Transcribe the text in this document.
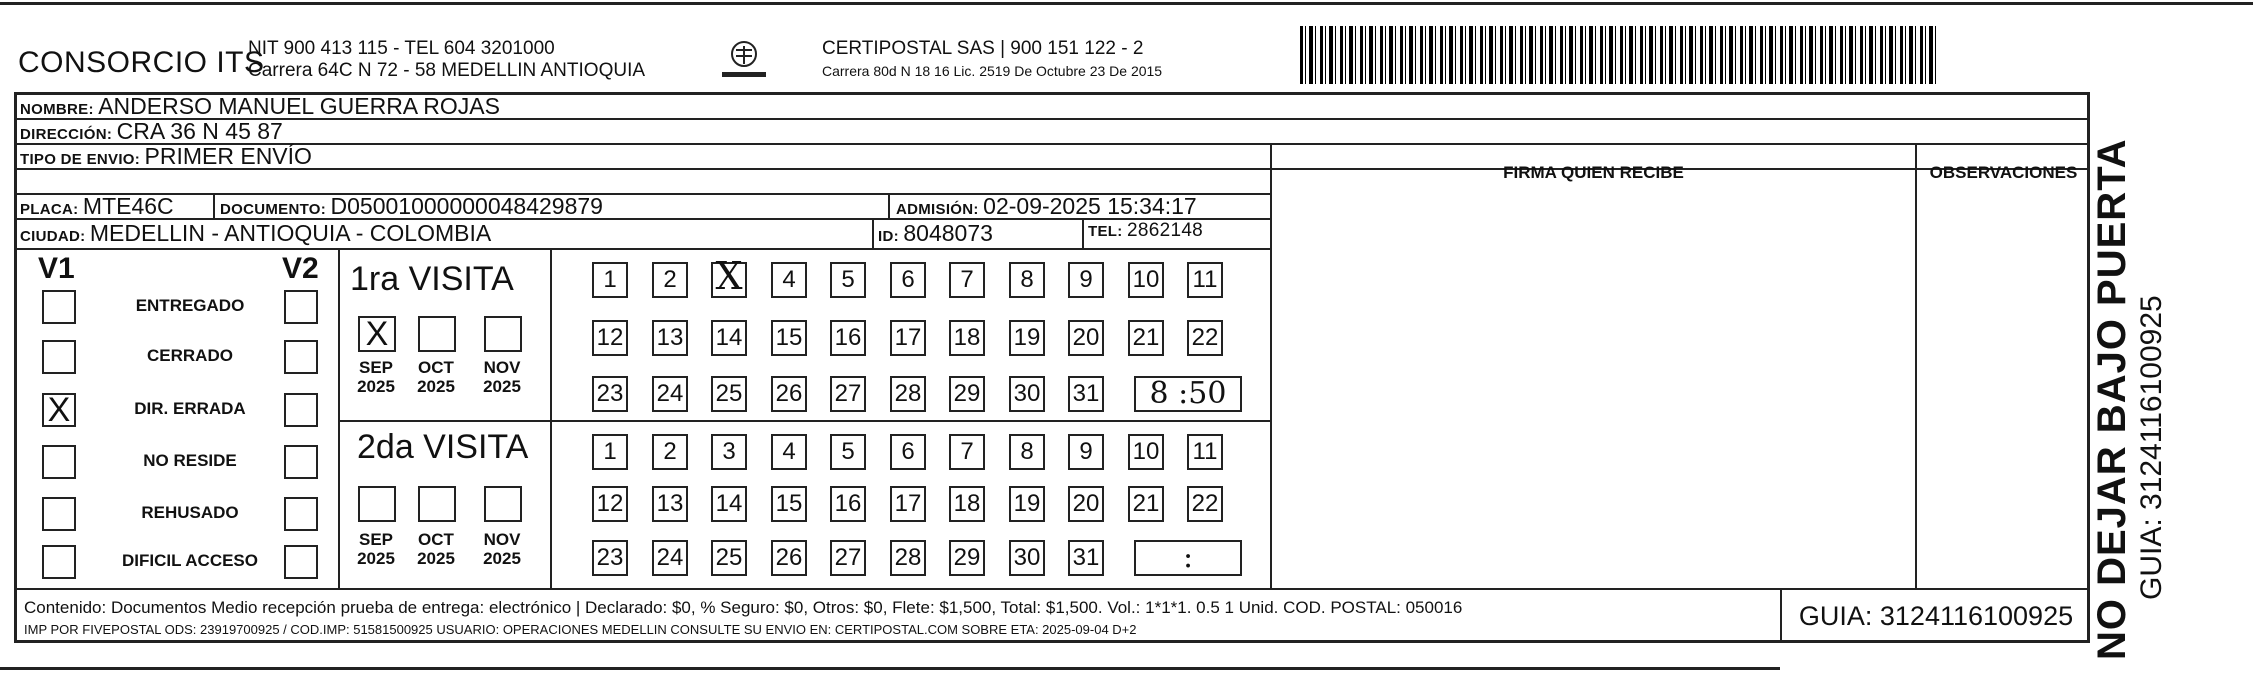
CONSORCIO ITS
NIT 900 413 115 - TEL 604 3201000
Carrera 64C N 72 - 58 MEDELLIN ANTIOQUIA
CERTIPOSTAL SAS | 900 151 122 - 2
Carrera 80d N 18 16 Lic. 2519 De Octubre 23 De 2015
NOMBRE: ANDERSO MANUEL GUERRA ROJAS
DIRECCIÓN: CRA 36 N 45 87
TIPO DE ENVIO: PRIMER ENVÍO
PLACA: MTE46C	DOCUMENTO: D05001000000048429879	ADMISIÓN: 02-09-2025 15:34:17
CIUDAD: MEDELLIN - ANTIOQUIA - COLOMBIA	ID: 8048073	TEL: 2862148
FIRMA QUIEN RECIBE	OBSERVACIONES
V1	V2
ENTREGADO
CERRADO
X	DIR. ERRADA
NO RESIDE
REHUSADO
DIFICIL ACCESO
1ra VISITA
X
SEP
2025
OCT
2025
NOV
2025
1	2 X	4	5	6	7	8	9	10 11
12 13 14 15 16 17 18 19 20 21 22
23 24 25 26 27 28 29 30 31	8 :50
2da VISITA
SEP
2025
OCT
2025
NOV
2025
1	2	3	4	5	6	7	8	9	10 11
12 13 14 15 16 17 18 19 20 21 22
23 24 25 26 27 28 29 30 31	:
Contenido: Documentos Medio recepción prueba de entrega: electrónico | Declarado: $0, % Seguro: $0, Otros: $0, Flete: $1,500, Total: $1,500. Vol.: 1*1*1. 0.5 1 Unid. COD. POSTAL: 050016
IMP POR FIVEPOSTAL ODS: 23919700925 / COD.IMP: 51581500925 USUARIO: OPERACIONES MEDELLIN CONSULTE SU ENVIO EN: CERTIPOSTAL.COM SOBRE ETA: 2025-09-04 D+2	GUIA: 3124116100925 NO DEJAR BAJO PUERTA GUIA: 3124116100925
